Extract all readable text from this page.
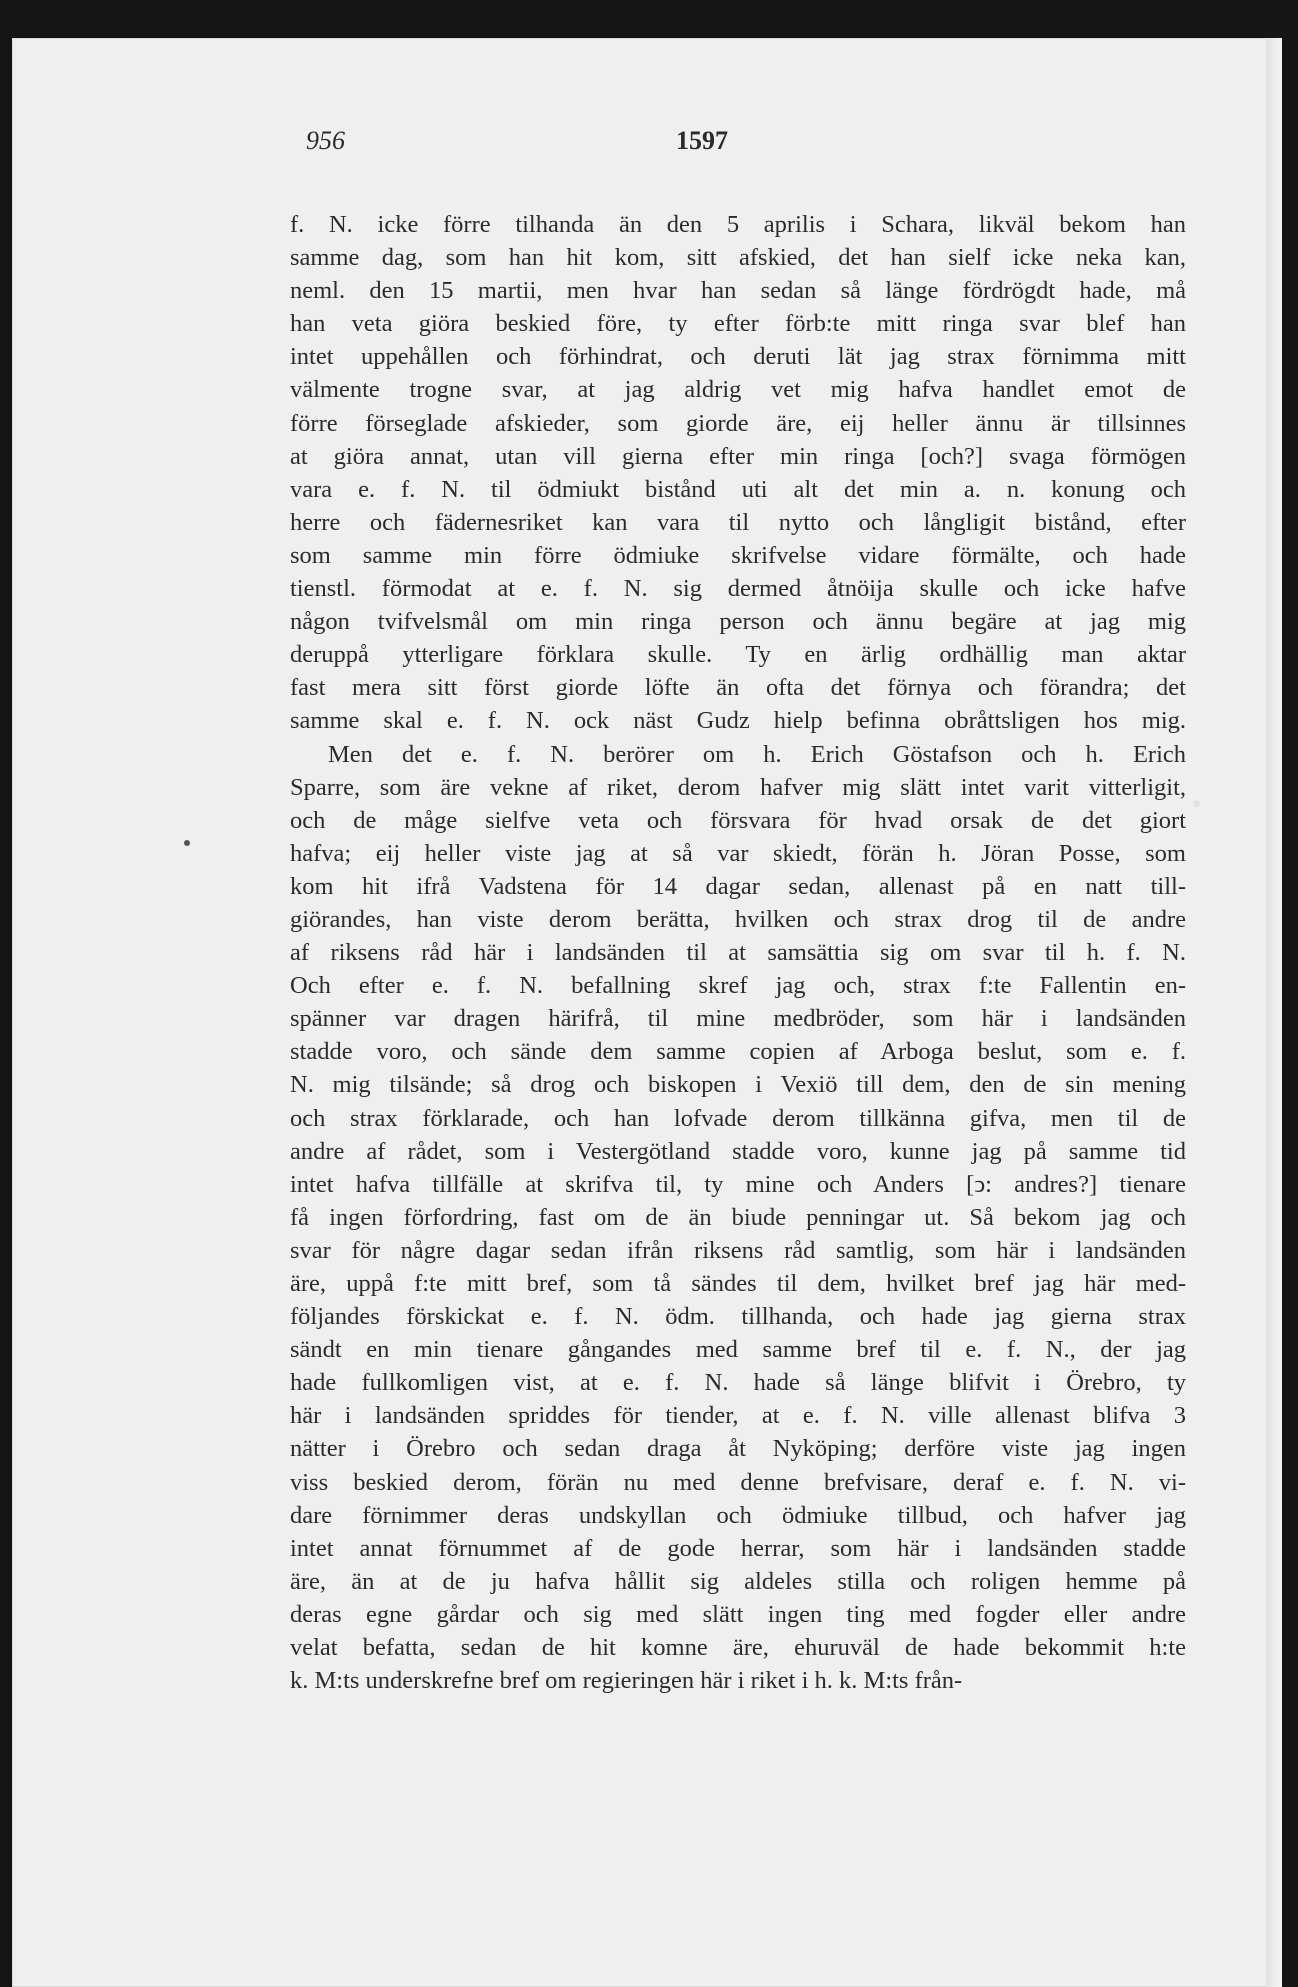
·
956	1597
f. N. icke förre tilhanda än den 5 aprilis i Schara, likväl bekom han
samme dag, som han hit kom, sitt afskied, det han sielf icke neka kan,
neml. den 15 martii, men hvar han sedan så länge fördrögdt hade, må
han veta giöra beskied före, ty efter förb:te mitt ringa svar blef han
intet uppehållen och förhindrat, och deruti lät jag strax förnimma mitt
välmente trogne svar, at jag aldrig vet mig hafva handlet emot de
förre förseglade afskieder, som giorde äre, eij heller ännu är tillsinnes
at giöra annat, utan vill gierna efter min ringa [och?] svaga förmögen
vara e. f. N. til ödmiukt bistånd uti alt det min a. n. konung och
herre och fädernesriket kan vara til nytto och långligit bistånd, efter
som samme min förre ödmiuke skrifvelse vidare förmälte, och hade
tienstl. förmodat at e. f. N. sig dermed åtnöija skulle och icke hafve
någon tvifvelsmål om min ringa person och ännu begäre at jag mig
deruppå ytterligare förklara skulle. Ty en ärlig ordhällig man aktar
fast mera sitt först giorde löfte än ofta det förnya och förandra; det
samme skal e. f. N. ock näst Gudz hielp befinna obråttsligen hos mig.
Men det e. f. N. berörer om h. Erich Göstafson och h. Erich
Sparre, som äre vekne af riket, derom hafver mig slätt intet varit vitterligit,
och de måge sielfve veta och försvara för hvad orsak de det giort
hafva; eij heller viste jag at så var skiedt, förän h. Jöran Posse, som
kom hit ifrå Vadstena för 14 dagar sedan, allenast på en natt till-
giörandes, han viste derom berätta, hvilken och strax drog til de andre
af riksens råd här i landsänden til at samsättia sig om svar til h. f. N.
Och efter e. f. N. befallning skref jag och, strax f:te Fallentin en-
spänner var dragen härifrå, til mine medbröder, som här i landsänden
stadde voro, och sände dem samme copien af Arboga beslut, som e. f.
N. mig tilsände; så drog och biskopen i Vexiö till dem, den de sin mening
och strax förklarade, och han lofvade derom tillkänna gifva, men til de
andre af rådet, som i Vestergötland stadde voro, kunne jag på samme tid
intet hafva tillfälle at skrifva til, ty mine och Anders [ↄ: andres?] tienare
få ingen förfordring, fast om de än biude penningar ut. Så bekom jag och
svar för någre dagar sedan ifrån riksens råd samtlig, som här i landsänden
äre, uppå f:te mitt bref, som tå sändes til dem, hvilket bref jag här med-
följandes förskickat e. f. N. ödm. tillhanda, och hade jag gierna strax
sändt en min tienare gångandes med samme bref til e. f. N., der jag
hade fullkomligen vist, at e. f. N. hade så länge blifvit i Örebro, ty
här i landsänden spriddes för tiender, at e. f. N. ville allenast blifva 3
nätter i Örebro och sedan draga åt Nyköping; derföre viste jag ingen
viss beskied derom, förän nu med denne brefvisare, deraf e. f. N. vi-
dare förnimmer deras undskyllan och ödmiuke tillbud, och hafver jag
intet annat förnummet af de gode herrar, som här i landsänden stadde
äre, än at de ju hafva hållit sig aldeles stilla och roligen hemme på
deras egne gårdar och sig med slätt ingen ting med fogder eller andre
velat befatta, sedan de hit komne äre, ehuruväl de hade bekommit h:te
k. M:ts underskrefne bref om regieringen här i riket i h. k. M:ts från-
